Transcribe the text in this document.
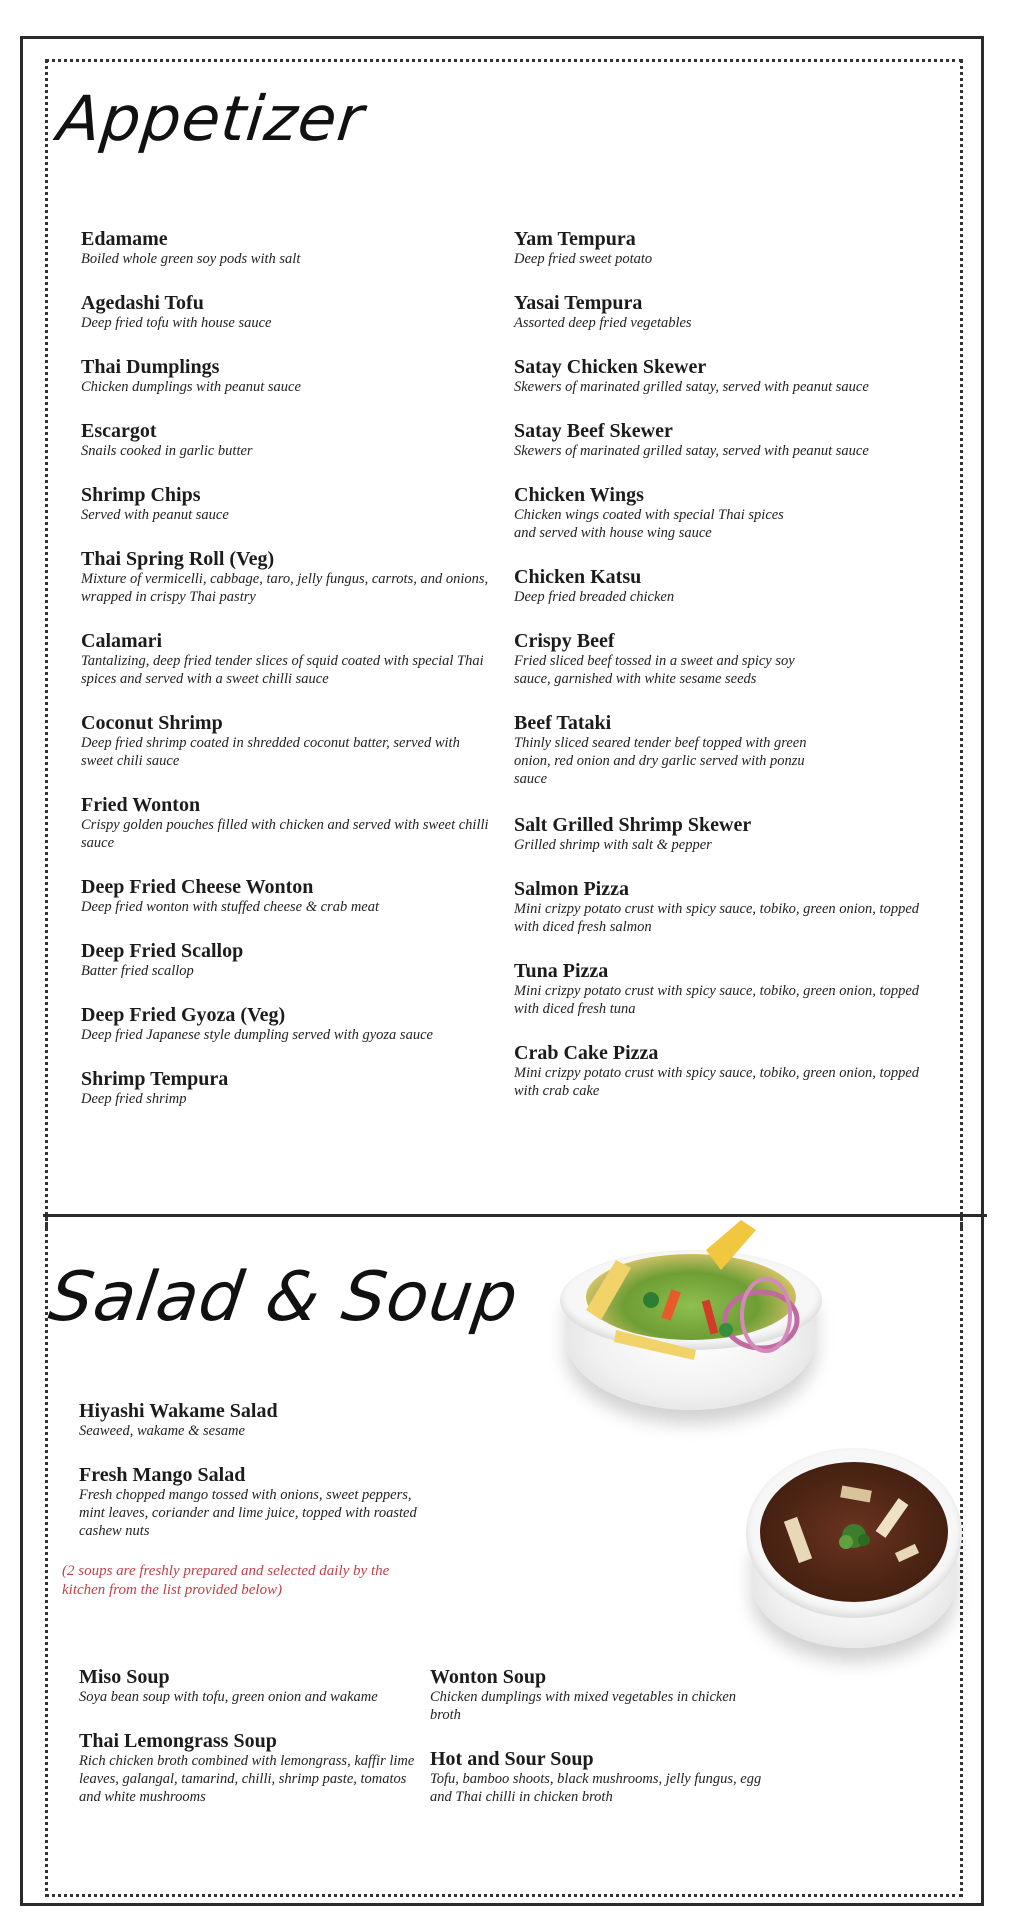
Appetizer
Edamame
Boiled whole green soy pods with salt
Agedashi Tofu
Deep fried tofu with house sauce
Thai Dumplings
Chicken dumplings with peanut sauce
Escargot
Snails cooked in garlic butter
Shrimp Chips
Served with peanut sauce
Thai Spring Roll (Veg)
Mixture of vermicelli, cabbage, taro, jelly fungus, carrots, and onions, wrapped in crispy Thai pastry
Calamari
Tantalizing, deep fried tender slices of squid coated with special Thai spices and served with a sweet chilli sauce
Coconut Shrimp
Deep fried shrimp coated in shredded coconut batter, served with sweet chili sauce
Fried Wonton
Crispy golden pouches filled with chicken and served with sweet chilli sauce
Deep Fried Cheese Wonton
Deep fried wonton with stuffed cheese & crab meat
Deep Fried Scallop
Batter fried scallop
Deep Fried Gyoza (Veg)
Deep fried Japanese style dumpling served with gyoza sauce
Shrimp Tempura
Deep fried shrimp
Yam Tempura
Deep fried sweet potato
Yasai Tempura
Assorted deep fried vegetables
Satay Chicken Skewer
Skewers of marinated grilled satay, served with peanut sauce
Satay Beef Skewer
Skewers of marinated grilled satay, served with peanut sauce
Chicken Wings
Chicken wings coated with special Thai spices and served with house wing sauce
Chicken Katsu
Deep fried breaded chicken
Crispy Beef
Fried sliced beef tossed in a sweet and spicy soy sauce, garnished with white sesame seeds
Beef Tataki
Thinly sliced seared tender beef topped with green onion, red onion and dry garlic served with ponzu sauce
Salt Grilled Shrimp Skewer
Grilled shrimp with salt & pepper
Salmon Pizza
Mini crizpy potato crust with spicy sauce, tobiko, green onion, topped with diced fresh salmon
Tuna Pizza
Mini crizpy potato crust with spicy sauce, tobiko, green onion, topped with diced fresh tuna
Crab Cake Pizza
Mini crizpy potato crust with spicy sauce, tobiko, green onion, topped with crab cake
Salad & Soup
Hiyashi Wakame Salad
Seaweed, wakame & sesame
Fresh Mango Salad
Fresh chopped mango tossed with onions, sweet peppers, mint leaves, coriander and lime juice, topped with roasted cashew nuts
(2 soups are freshly prepared and selected daily by the kitchen from the list provided below)
Miso Soup
Soya bean soup with tofu, green onion and wakame
Thai Lemongrass Soup
Rich chicken broth combined with lemongrass, kaffir lime leaves, galangal, tamarind, chilli, shrimp paste, tomatos and white mushrooms
Wonton Soup
Chicken dumplings with mixed vegetables in chicken broth
Hot and Sour Soup
Tofu, bamboo shoots, black mushrooms, jelly fungus, egg and Thai chilli in chicken broth
